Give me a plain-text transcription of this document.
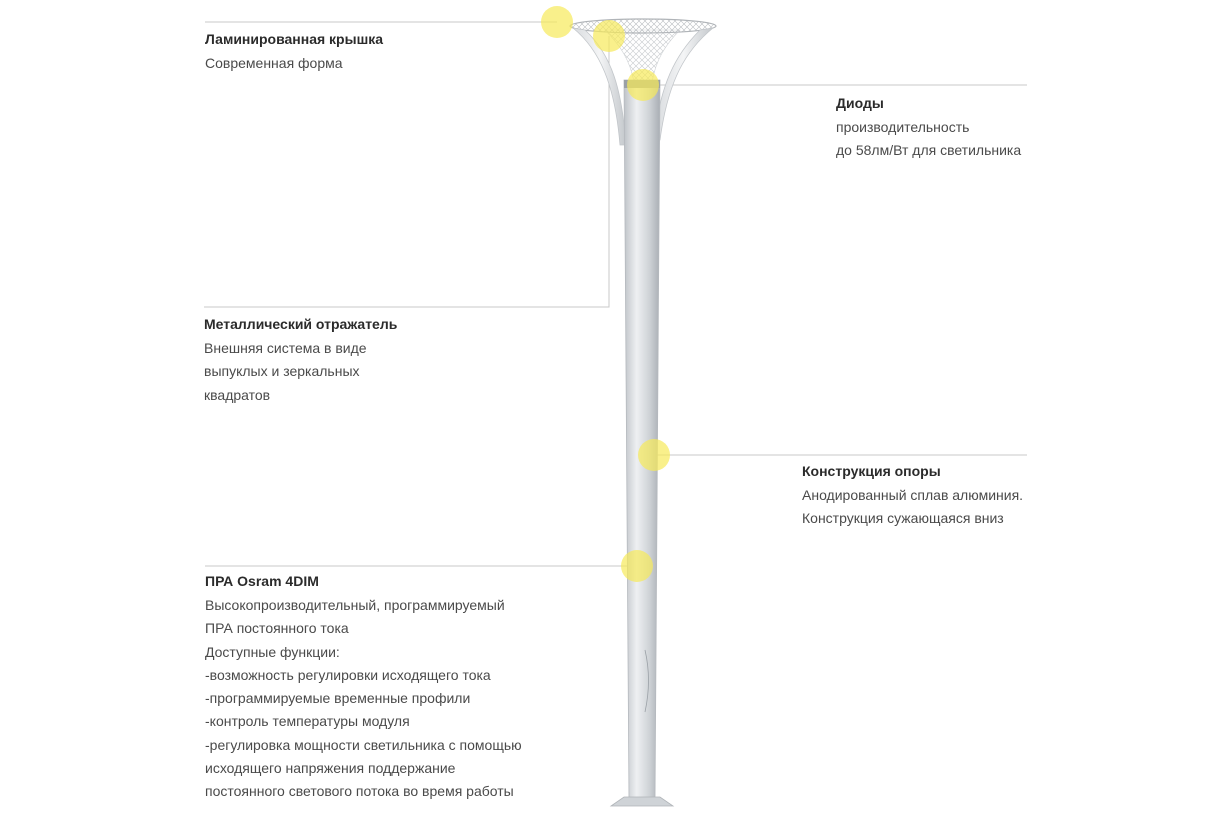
Ламинированная крышка
Современная форма
Диоды
производительность
до 58лм/Вт для светильника
Металлический отражатель
Внешняя система в виде
выпуклых и зеркальных
квадратов
Конструкция опоры
Анодированный сплав алюминия.
Конструкция сужающаяся вниз
ПРА Osram 4DIM
Высокопроизводительный, программируемый
ПРА постоянного тока
Доступные функции:
-возможность регулировки исходящего тока
-программируемые временные профили
-контроль температуры модуля
-регулировка мощности светильника с помощью
исходящего напряжения поддержание
постоянного светового потока во время работы
